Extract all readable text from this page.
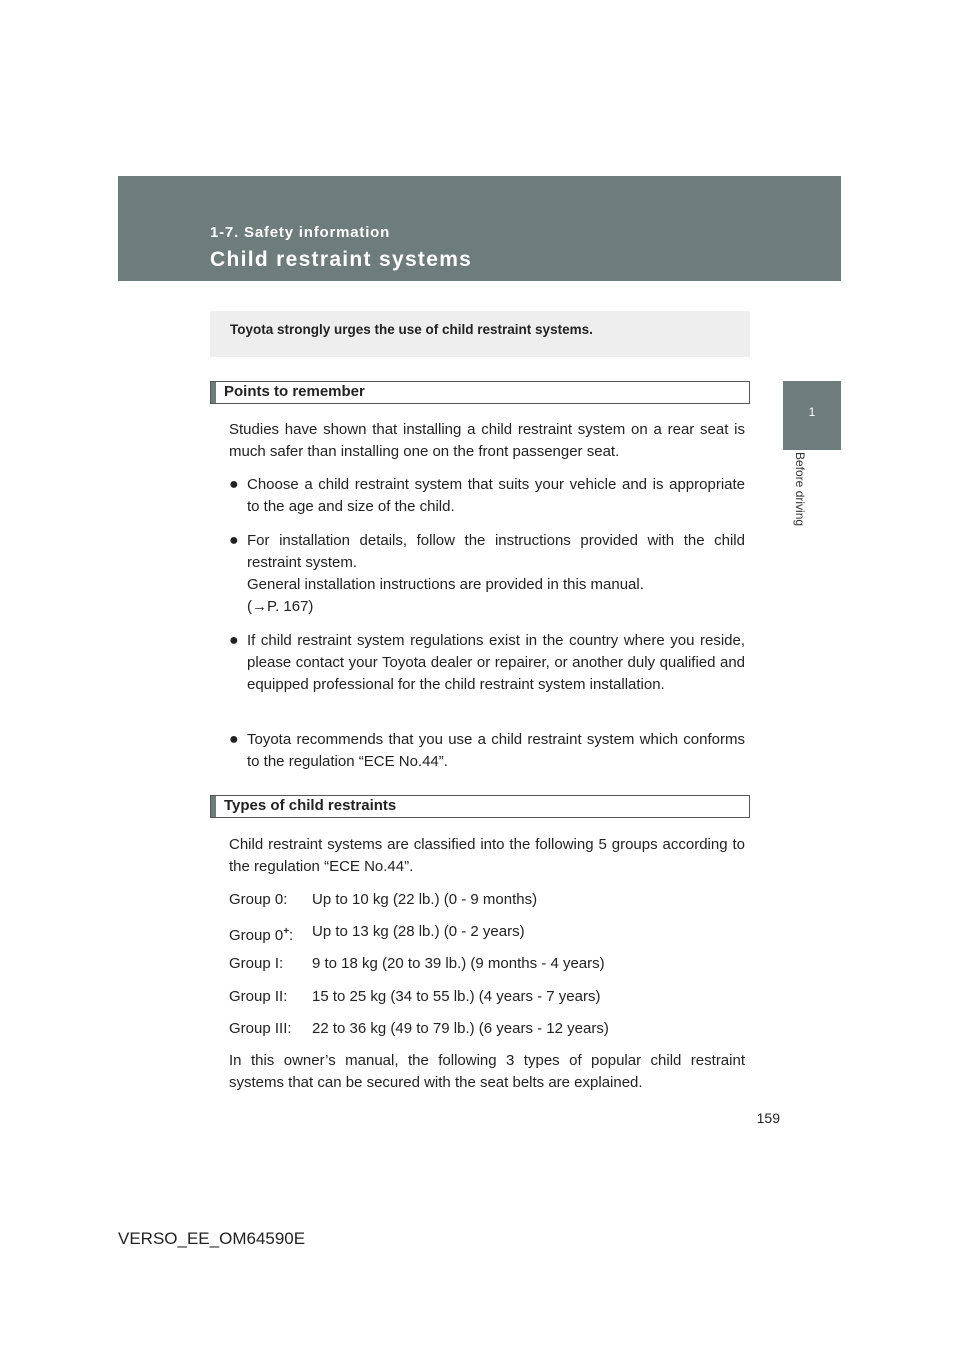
1-7. Safety information
Child restraint systems
1
Before driving
Toyota strongly urges the use of child restraint systems.
Points to remember
Studies have shown that installing a child restraint system on a rear seat is much safer than installing one on the front passenger seat.
● Choose a child restraint system that suits your vehicle and is appropriate to the age and size of the child.
● For installation details, follow the instructions provided with the child restraint system.
General installation instructions are provided in this manual.
(→P. 167)
● If child restraint system regulations exist in the country where you reside, please contact your Toyota dealer or repairer, or another duly qualified and equipped professional for the child restraint system installation.
● Toyota recommends that you use a child restraint system which conforms to the regulation “ECE No.44”.
Types of child restraints
Child restraint systems are classified into the following 5 groups according to the regulation “ECE No.44”.
Group 0: Up to 10 kg (22 lb.) (0 - 9 months)
Group 0+: Up to 13 kg (28 lb.) (0 - 2 years)
Group I: 9 to 18 kg (20 to 39 lb.) (9 months - 4 years)
Group II: 15 to 25 kg (34 to 55 lb.) (4 years - 7 years)
Group III: 22 to 36 kg (49 to 79 lb.) (6 years - 12 years)
In this owner’s manual, the following 3 types of popular child restraint systems that can be secured with the seat belts are explained.
159
VERSO_EE_OM64590E
